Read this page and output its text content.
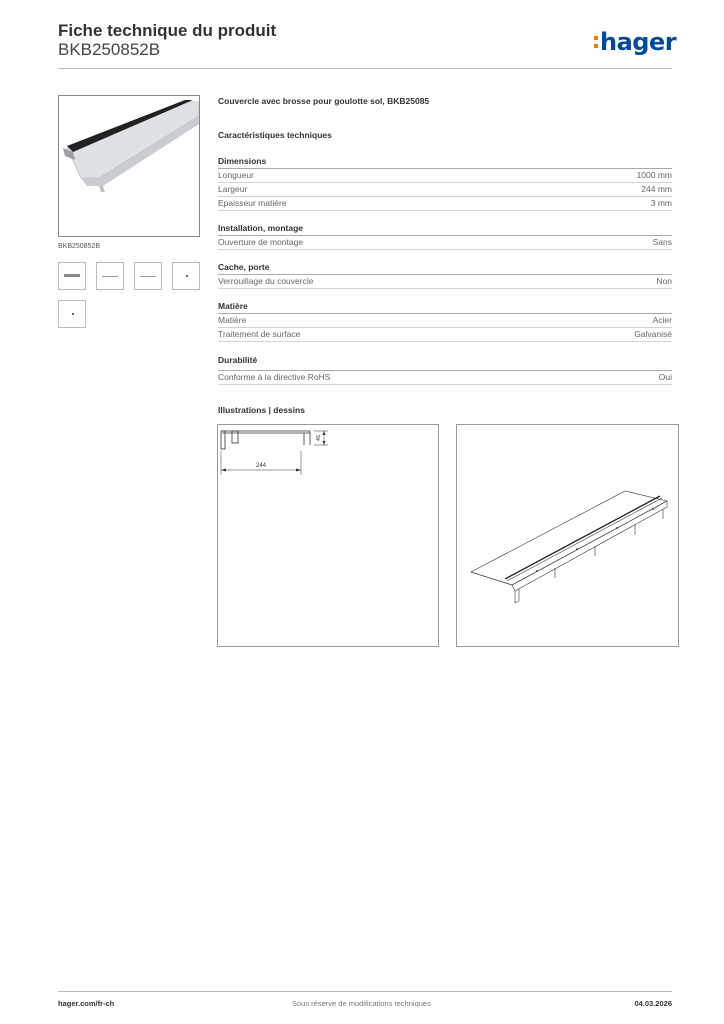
Fiche technique du produit
BKB250852B	hager
BKB250852B
Couvercle avec brosse pour goulotte sol, BKB25085
Caractéristiques techniques
Dimensions
Longueur	1000 mm
Largeur	244 mm
Epaisseur matière	3 mm
Installation, montage
Ouverture de montage	Sans
Cache, porte
Verrouillage du couvercle	Non
Matière
Matière	Acier
Traitement de surface	Galvanisé
Durabilité
Conforme à la directive RoHS	Oui
Illustrations | dessins
244
45
hager.com/fr-ch	Sous réserve de modifications techniques	04.03.2026
